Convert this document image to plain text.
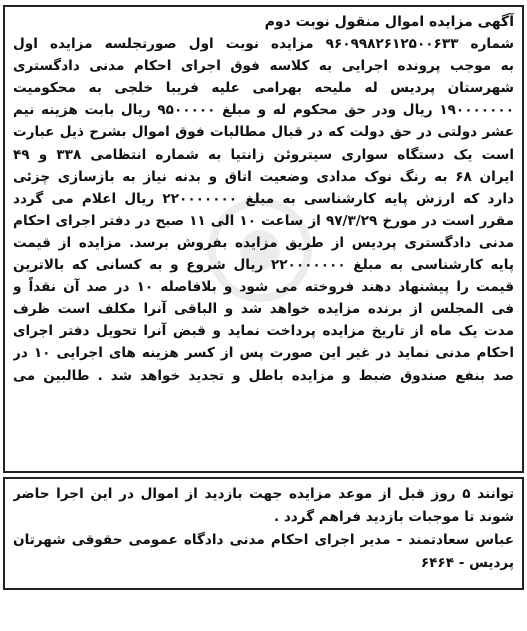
آگهی مزایده اموال منقول نوبت دوم
شماره ۹۶۰۹۹۸۲۶۱۲۵۰۰۶۳۳ مزایده نوبت اول صورتجلسه مزایده اول
به موجب پرونده اجرایی به کلاسه فوق اجرای احکام مدنی دادگستری
شهرستان پردیس له ملیحه بهرامی علیه فریبا خلجی به محکومیت
۱۹۰۰۰۰۰۰۰ ریال ودر حق محکوم له و مبلغ ۹۵۰۰۰۰۰ ریال بابت هزینه نیم
عشر دولتی در حق دولت که در قبال مطالبات فوق اموال بشرح ذیل عبارت
است یک دستگاه سواری سیتروئن زانتیا به شماره انتظامی ۳۳۸ و ۴۹
ایران ۶۸ به رنگ نوک مدادی وضعیت اتاق و بدنه نیاز به بازسازی چزئی
دارد که ارزش پایه کارشناسی به مبلغ ۲۲۰۰۰۰۰۰۰ ریال اعلام می گردد
مقرر است در مورخ ۹۷/۳/۲۹ از ساعت ۱۰ الی ۱۱ صبح در دفتر اجرای احکام
مدنی دادگستری پردیس از طریق مزایده بفروش برسد. مزایده از قیمت
پایه کارشناسی به مبلغ ۲۲۰۰۰۰۰۰۰ ریال شروع و به کسانی که بالاترین
قیمت را پیشنهاد دهند فروخته می شود و بلافاصله ۱۰ در صد آن نقداً و
فی المجلس از برنده مزایده خواهد شد و الباقی آنرا مکلف است ظرف
مدت یک ماه از تاریخ مزایده پرداخت نماید و قبض آنرا تحویل دفتر اجرای
احکام مدنی نماید در غیر این صورت پس از کسر هزینه های اجرایی ۱۰ در
صد بنفع صندوق ضبط و مزایده باطل و تجدید خواهد شد . طالبین می
توانند ۵ روز قبل از موعد مزایده جهت بازدید از اموال در این اجرا حاضر
شوند تا موجبات بازدید فراهم گردد .
عباس سعادتمند - مدیر اجرای احکام مدنی دادگاه عمومی حقوقی شهرتان
پردیس - ۶۴۶۴
